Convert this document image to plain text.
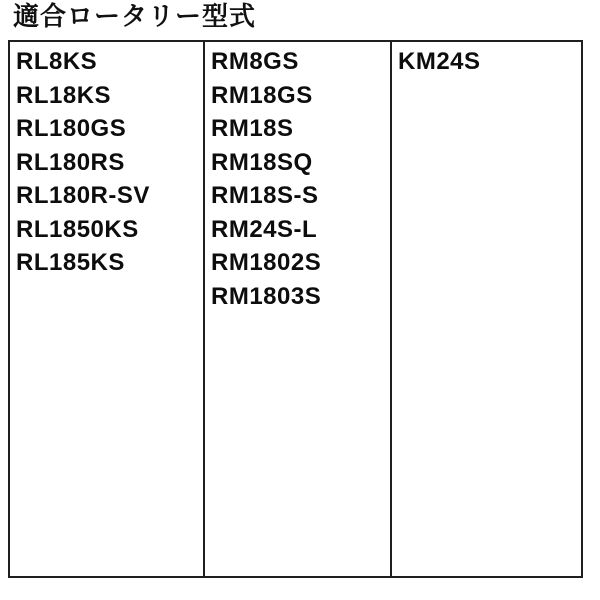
適合ロータリー型式
RL8KS
RL18KS
RL180GS
RL180RS
RL180R-SV
RL1850KS
RL185KS
RM8GS
RM18GS
RM18S
RM18SQ
RM18S-S
RM24S-L
RM1802S
RM1803S
KM24S
